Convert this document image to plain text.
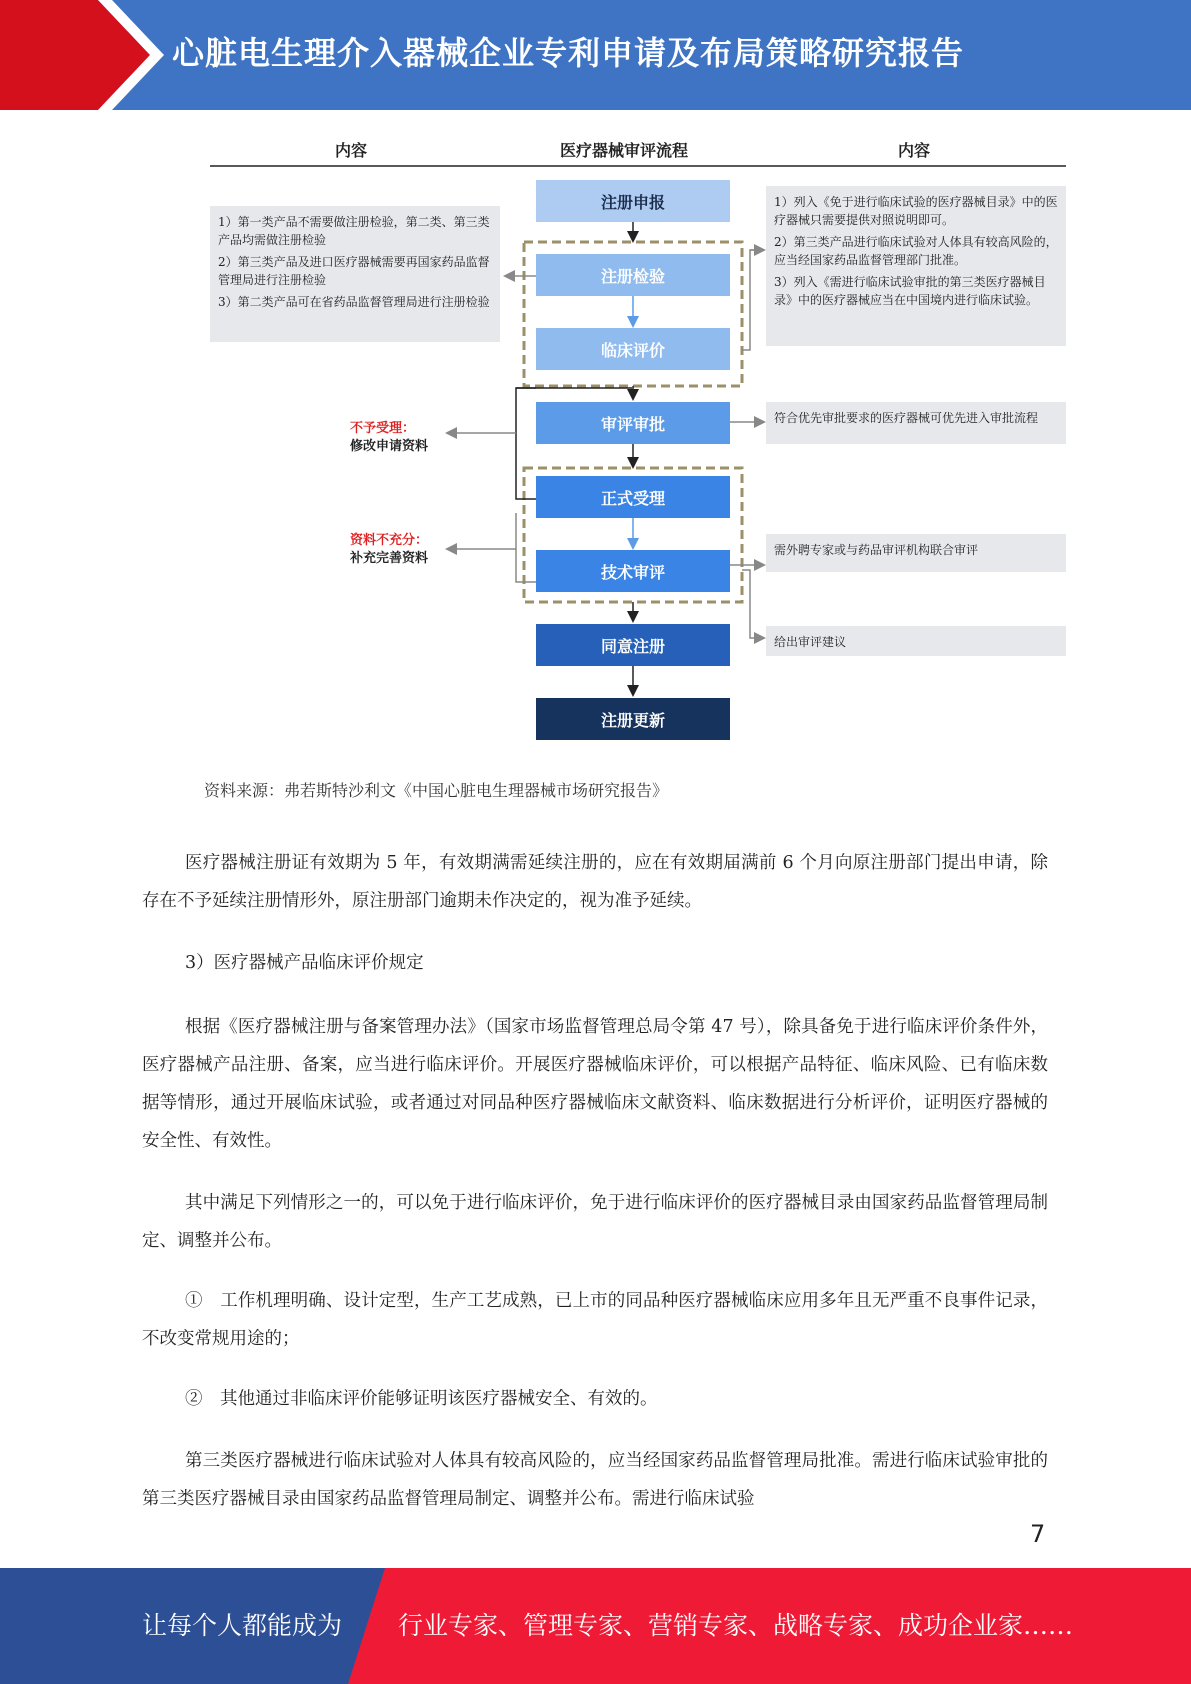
心脏电生理介入器械企业专利申请及布局策略研究报告
内容	医疗器械审评流程	内容
注册申报
注册检验
临床评价
审评审批
正式受理
技术审评
同意注册
注册更新

1）第一类产品不需要做注册检验，第二类、第三类产品均需做注册检验

2）第三类产品及进口医疗器械需要再国家药品监督管理局进行注册检验

3）第二类产品可在省药品监督管理局进行注册检验

1）列入《免于进行临床试验的医疗器械目录》中的医疗器械只需要提供对照说明即可。

2）第三类产品进行临床试验对人体具有较高风险的，应当经国家药品监督管理部门批准。

3）列入《需进行临床试验审批的第三类医疗器械目录》中的医疗器械应当在中国境内进行临床试验。

符合优先审批要求的医疗器械可优先进入审批流程
需外聘专家或与药品审评机构联合审评
给出审评建议
不予受理：
修改申请资料
资料不充分：
补充完善资料
资料来源：弗若斯特沙利文《中国心脏电生理器械市场研究报告》
医疗器械注册证有效期为 5 年，有效期满需延续注册的，应在有效期届满前 6 个月向原注册部门提出申请，除存在不予延续注册情形外，原注册部门逾期未作决定的，视为准予延续。
3）医疗器械产品临床评价规定
根据《医疗器械注册与备案管理办法》（国家市场监督管理总局令第 47 号），除具备免于进行临床评价条件外，医疗器械产品注册、备案，应当进行临床评价。开展医疗器械临床评价，可以根据产品特征、临床风险、已有临床数据等情形，通过开展临床试验，或者通过对同品种医疗器械临床文献资料、临床数据进行分析评价，证明医疗器械的安全性、有效性。
其中满足下列情形之一的，可以免于进行临床评价，免于进行临床评价的医疗器械目录由国家药品监督管理局制定、调整并公布。
①　工作机理明确、设计定型，生产工艺成熟，已上市的同品种医疗器械临床应用多年且无严重不良事件记录，不改变常规用途的；
②　其他通过非临床评价能够证明该医疗器械安全、有效的。
第三类医疗器械进行临床试验对人体具有较高风险的，应当经国家药品监督管理局批准。需进行临床试验审批的第三类医疗器械目录由国家药品监督管理局制定、调整并公布。需进行临床试验
7
让每个人都能成为 行业专家、管理专家、营销专家、战略专家、成功企业家……
